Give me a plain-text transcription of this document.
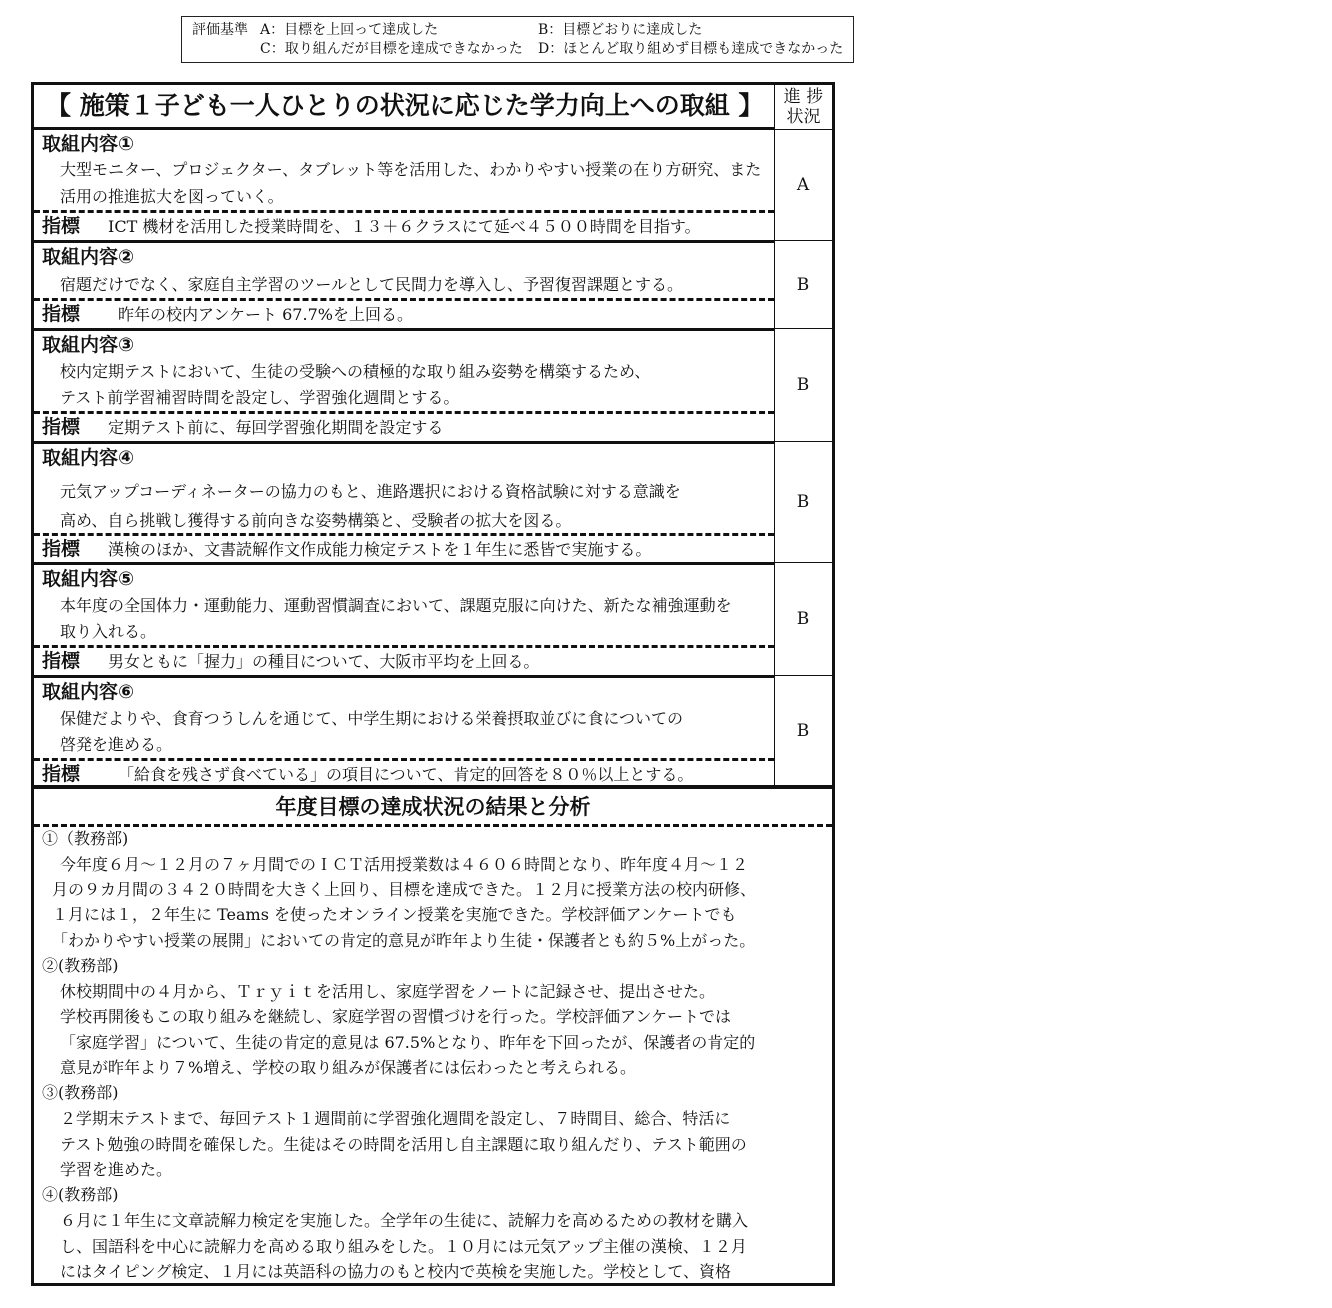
評価基準 A：目標を上回って達成した	B：目標どおりに達成した
C：取り組んだが目標を達成できなかった D：ほとんど取り組めず目標も達成できなかった
【 施策１子ども一人ひとりの状況に応じた学力向上への取組 】	進 捗
状況
取組内容①
大型モニター、プロジェクター、タブレット等を活用した、わかりやすい授業の在り方研究、また
活用の推進拡大を図っていく。
指標 ICT 機材を活用した授業時間を、１３＋６クラスにて延べ４５００時間を目指す。
A
取組内容②
宿題だけでなく、家庭自主学習のツールとして民間力を導入し、予習復習課題とする。
指標 昨年の校内アンケート 67.7%を上回る。
B
取組内容③
校内定期テストにおいて、生徒の受験への積極的な取り組み姿勢を構築するため、
テスト前学習補習時間を設定し、学習強化週間とする。
指標 定期テスト前に、毎回学習強化期間を設定する
B
取組内容④
元気アップコーディネーターの協力のもと、進路選択における資格試験に対する意識を
高め、自ら挑戦し獲得する前向きな姿勢構築と、受験者の拡大を図る。
指標 漢検のほか、文書読解作文作成能力検定テストを１年生に悉皆で実施する。
B
取組内容⑤
本年度の全国体力・運動能力、運動習慣調査において、課題克服に向けた、新たな補強運動を
取り入れる。
指標 男女ともに「握力」の種目について、大阪市平均を上回る。
B
取組内容⑥
保健だよりや、食育つうしんを通じて、中学生期における栄養摂取並びに食についての
啓発を進める。
指標 「給食を残さず食べている」の項目について、肯定的回答を８０％以上とする。
B
年度目標の達成状況の結果と分析
①（教務部)
今年度６月～１２月の７ヶ月間でのＩＣＴ活用授業数は４６０６時間となり、昨年度４月～１２
月の９カ月間の３４２０時間を大きく上回り、目標を達成できた。１２月に授業方法の校内研修、
１月には１，２年生に Teams を使ったオンライン授業を実施できた。学校評価アンケートでも
「わかりやすい授業の展開」においての肯定的意見が昨年より生徒・保護者とも約５%上がった。
②(教務部)
休校期間中の４月から、Ｔｒｙｉｔを活用し、家庭学習をノートに記録させ、提出させた。
学校再開後もこの取り組みを継続し、家庭学習の習慣づけを行った。学校評価アンケートでは
「家庭学習」について、生徒の肯定的意見は 67.5%となり、昨年を下回ったが、保護者の肯定的
意見が昨年より７%増え、学校の取り組みが保護者には伝わったと考えられる。
③(教務部)
２学期末テストまで、毎回テスト１週間前に学習強化週間を設定し、７時間目、総合、特活に
テスト勉強の時間を確保した。生徒はその時間を活用し自主課題に取り組んだり、テスト範囲の
学習を進めた。
④(教務部)
６月に１年生に文章読解力検定を実施した。全学年の生徒に、読解力を高めるための教材を購入
し、国語科を中心に読解力を高める取り組みをした。１０月には元気アップ主催の漢検、１２月
にはタイピング検定、１月には英語科の協力のもと校内で英検を実施した。学校として、資格
